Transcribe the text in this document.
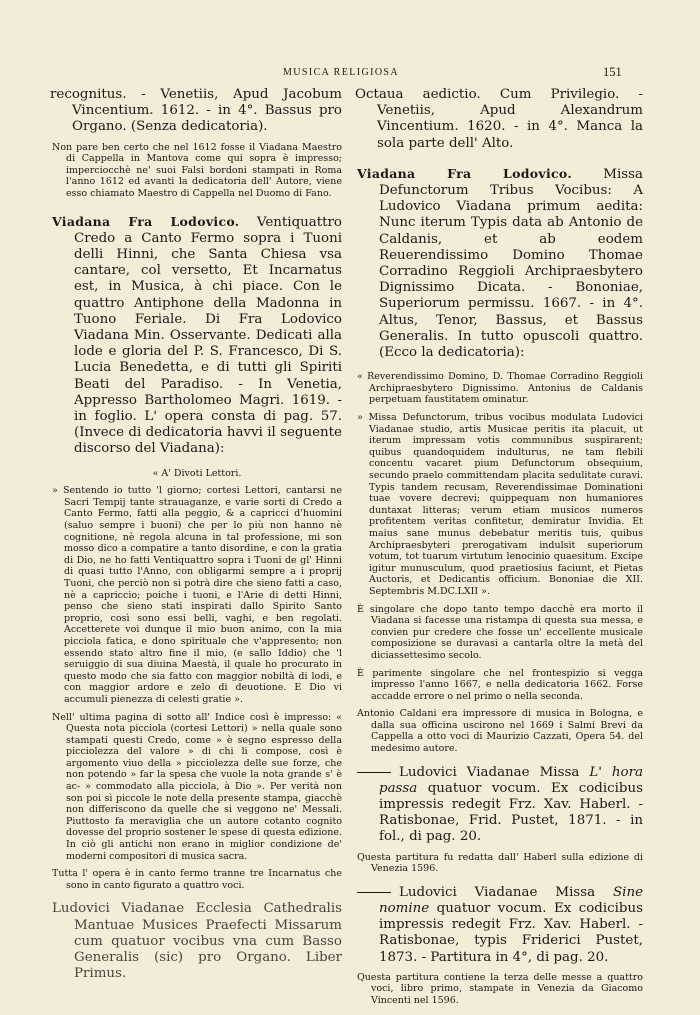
MUSICA RELIGIOSA	151

recognitus. - Venetiis, Apud Jacobum Vincentium. 1612. - in 4°. Bassus pro Organo. (Senza dedicatoria).

Non pare ben certo che nel 1612 fosse il Viadana Maestro di Cappella in Mantova come qui sopra è impresso; imperciocchè ne' suoi Falsi bordoni stampati in Roma l'anno 1612 ed avanti la dedicatoria dell' Autore, viene esso chiamato Maestro di Cappella nel Duomo di Fano.

Viadana Fra Lodovico. Ventiquattro Credo a Canto Fermo sopra i Tuoni delli Hinni, che Santa Chiesa vsa cantare, col versetto, Et Incarnatus est, in Musica, à chi piace. Con le quattro Antiphone della Madonna in Tuono Feriale. Di Fra Lodovico Viadana Min. Osservante. Dedicati alla lode e gloria del P. S. Francesco, Di S. Lucia Benedetta, e di tutti gli Spiriti Beati del Paradiso. - In Venetia, Appresso Bartholomeo Magri. 1619. - in foglio. L' opera consta di pag. 57. (Invece di dedicatoria havvi il seguente discorso del Viadana):

« A' Divoti Lettori.

» Sentendo io tutto 'l giorno; cortesi Lettori, cantarsi ne Sacri Tempij tante strauaganze, e varie sorti di Credo a Canto Fermo, fatti alla peggio, & a capricci d'huomini (saluo sempre i buoni) che per lo più non hanno nè cognitione, nè regola alcuna in tal professione, mi son mosso dico a compatire a tanto disordine, e con la gratia di Dio, ne ho fatti Ventiquattro sopra i Tuoni de gl' Hinni di quasi tutto l'Anno, con obligarmi sempre a i proprij Tuoni, che perciò non si potrà dire che sieno fatti a caso, nè a capriccio; poiche i tuoni, e l'Arie di detti Hinni, penso che sieno stati inspirati dallo Spirito Santo proprio, così sono essi belli, vaghi, e ben regolati. Accetterete voi dunque il mio buon animo, con la mia picciola fatica, e dono spirituale che v'appresento; non essendo stato altro fine il mio, (e sallo Iddio) che 'l seruiggio di sua diuina Maestà, il quale ho procurato in questo modo che sia fatto con maggior nobiltà di lodi, e con maggior ardore e zelo di deuotione. E Dio vi accumuli pienezza di celesti gratie ».

Nell' ultima pagina di sotto all' Indice così è impresso: « Questa nota picciola (cortesi Lettori) » nella quale sono stampati questi Credo, come » è segno espresso della picciolezza del valore » di chi li compose, così è argomento viuo della » picciolezza delle sue forze, che non potendo » far la spesa che vuole la nota grande s' è ac- » commodato alla picciola, à Dio ». Per verità non son poi sì piccole le note della presente stampa, giacchè non differiscono da quelle che si veggono ne' Messali. Piuttosto fa meraviglia che un autore cotanto cognito dovesse del proprio sostener le spese di questa edizione. In ciò gli antichi non erano in miglior condizione de' moderni compositori di musica sacra.

Tutta l' opera è in canto fermo tranne tre Incarnatus che sono in canto figurato a quattro voci.

Ludovici Viadanae Ecclesia Cathedralis Mantuae Musices Praefecti Missarum cum quatuor vocibus vna cum Basso Generalis (sic) pro Organo. Liber Primus.

Octaua aedictio. Cum Privilegio. - Venetiis, Apud Alexandrum Vincentium. 1620. - in 4°. Manca la sola parte dell' Alto.

Viadana Fra Lodovico. Missa Defunctorum Tribus Vocibus: A Ludovico Viadana primum aedita: Nunc iterum Typis data ab Antonio de Caldanis, et ab eodem Reuerendissimo Domino Thomae Corradino Reggioli Archipraesbytero Dignissimo Dicata. - Bononiae, Superiorum permissu. 1667. - in 4°. Altus, Tenor, Bassus, et Bassus Generalis. In tutto opuscoli quattro. (Ecco la dedicatoria):

« Reverendissimo Domino, D. Thomae Corradino Reggioli Archipraesbytero Dignissimo. Antonius de Caldanis perpetuam faustitatem ominatur.

» Missa Defunctorum, tribus vocibus modulata Ludovici Viadanae studio, artis Musicae peritis ita placuit, ut iterum impressam votis communibus suspirarent; quibus quandoquidem indulturus, ne tam flebili concentu vacaret pium Defunctorum obsequium, secundo praelo committendam placita sedulitate curavi. Typis tandem recusam, Reverendissimae Dominationi tuae vovere decrevi; quippequam non humaniores duntaxat litteras; verum etiam musicos numeros profitentem veritas confitetur, demiratur Invidia. Et maius sane munus debebatur meritis tuis, quibus Archipraesbyteri prerogativam indulsit superiorum votum, tot tuarum virtutum lenocinio quaesitum. Excipe igitur munusculum, quod praetiosius faciunt, et Pietas Auctoris, et Dedicantis officium. Bononiae die XII. Septembris M.DC.LXII ».

È singolare che dopo tanto tempo dacchè era morto il Viadana si facesse una ristampa di questa sua messa, e convien pur credere che fosse un' eccellente musicale composizione se duravasi a cantarla oltre la metà del diciassettesimo secolo.

È parimente singolare che nel frontespizio si vegga impresso l'anno 1667, e nella dedicatoria 1662. Forse accadde errore o nel primo o nella seconda.

Antonio Caldani era impressore di musica in Bologna, e dalla sua officina uscirono nel 1669 i Salmi Brevi da Cappella a otto voci di Maurizio Cazzati, Opera 54. del medesimo autore.

Ludovici Viadanae Missa L' hora passa quatuor vocum. Ex codicibus impressis redegit Frz. Xav. Haberl. - Ratisbonae, Frid. Pustet, 1871. - in fol., di pag. 20.

Questa partitura fu redatta dall' Haberl sulla edizione di Venezia 1596.

Ludovici Viadanae Missa Sine nomine quatuor vocum. Ex codicibus impressis redegit Frz. Xav. Haberl. - Ratisbonae, typis Friderici Pustet, 1873. - Partitura in 4°, di pag. 20.

Questa partitura contiene la terza delle messe a quattro voci, libro primo, stampate in Venezia da Giacomo Vincenti nel 1596.
